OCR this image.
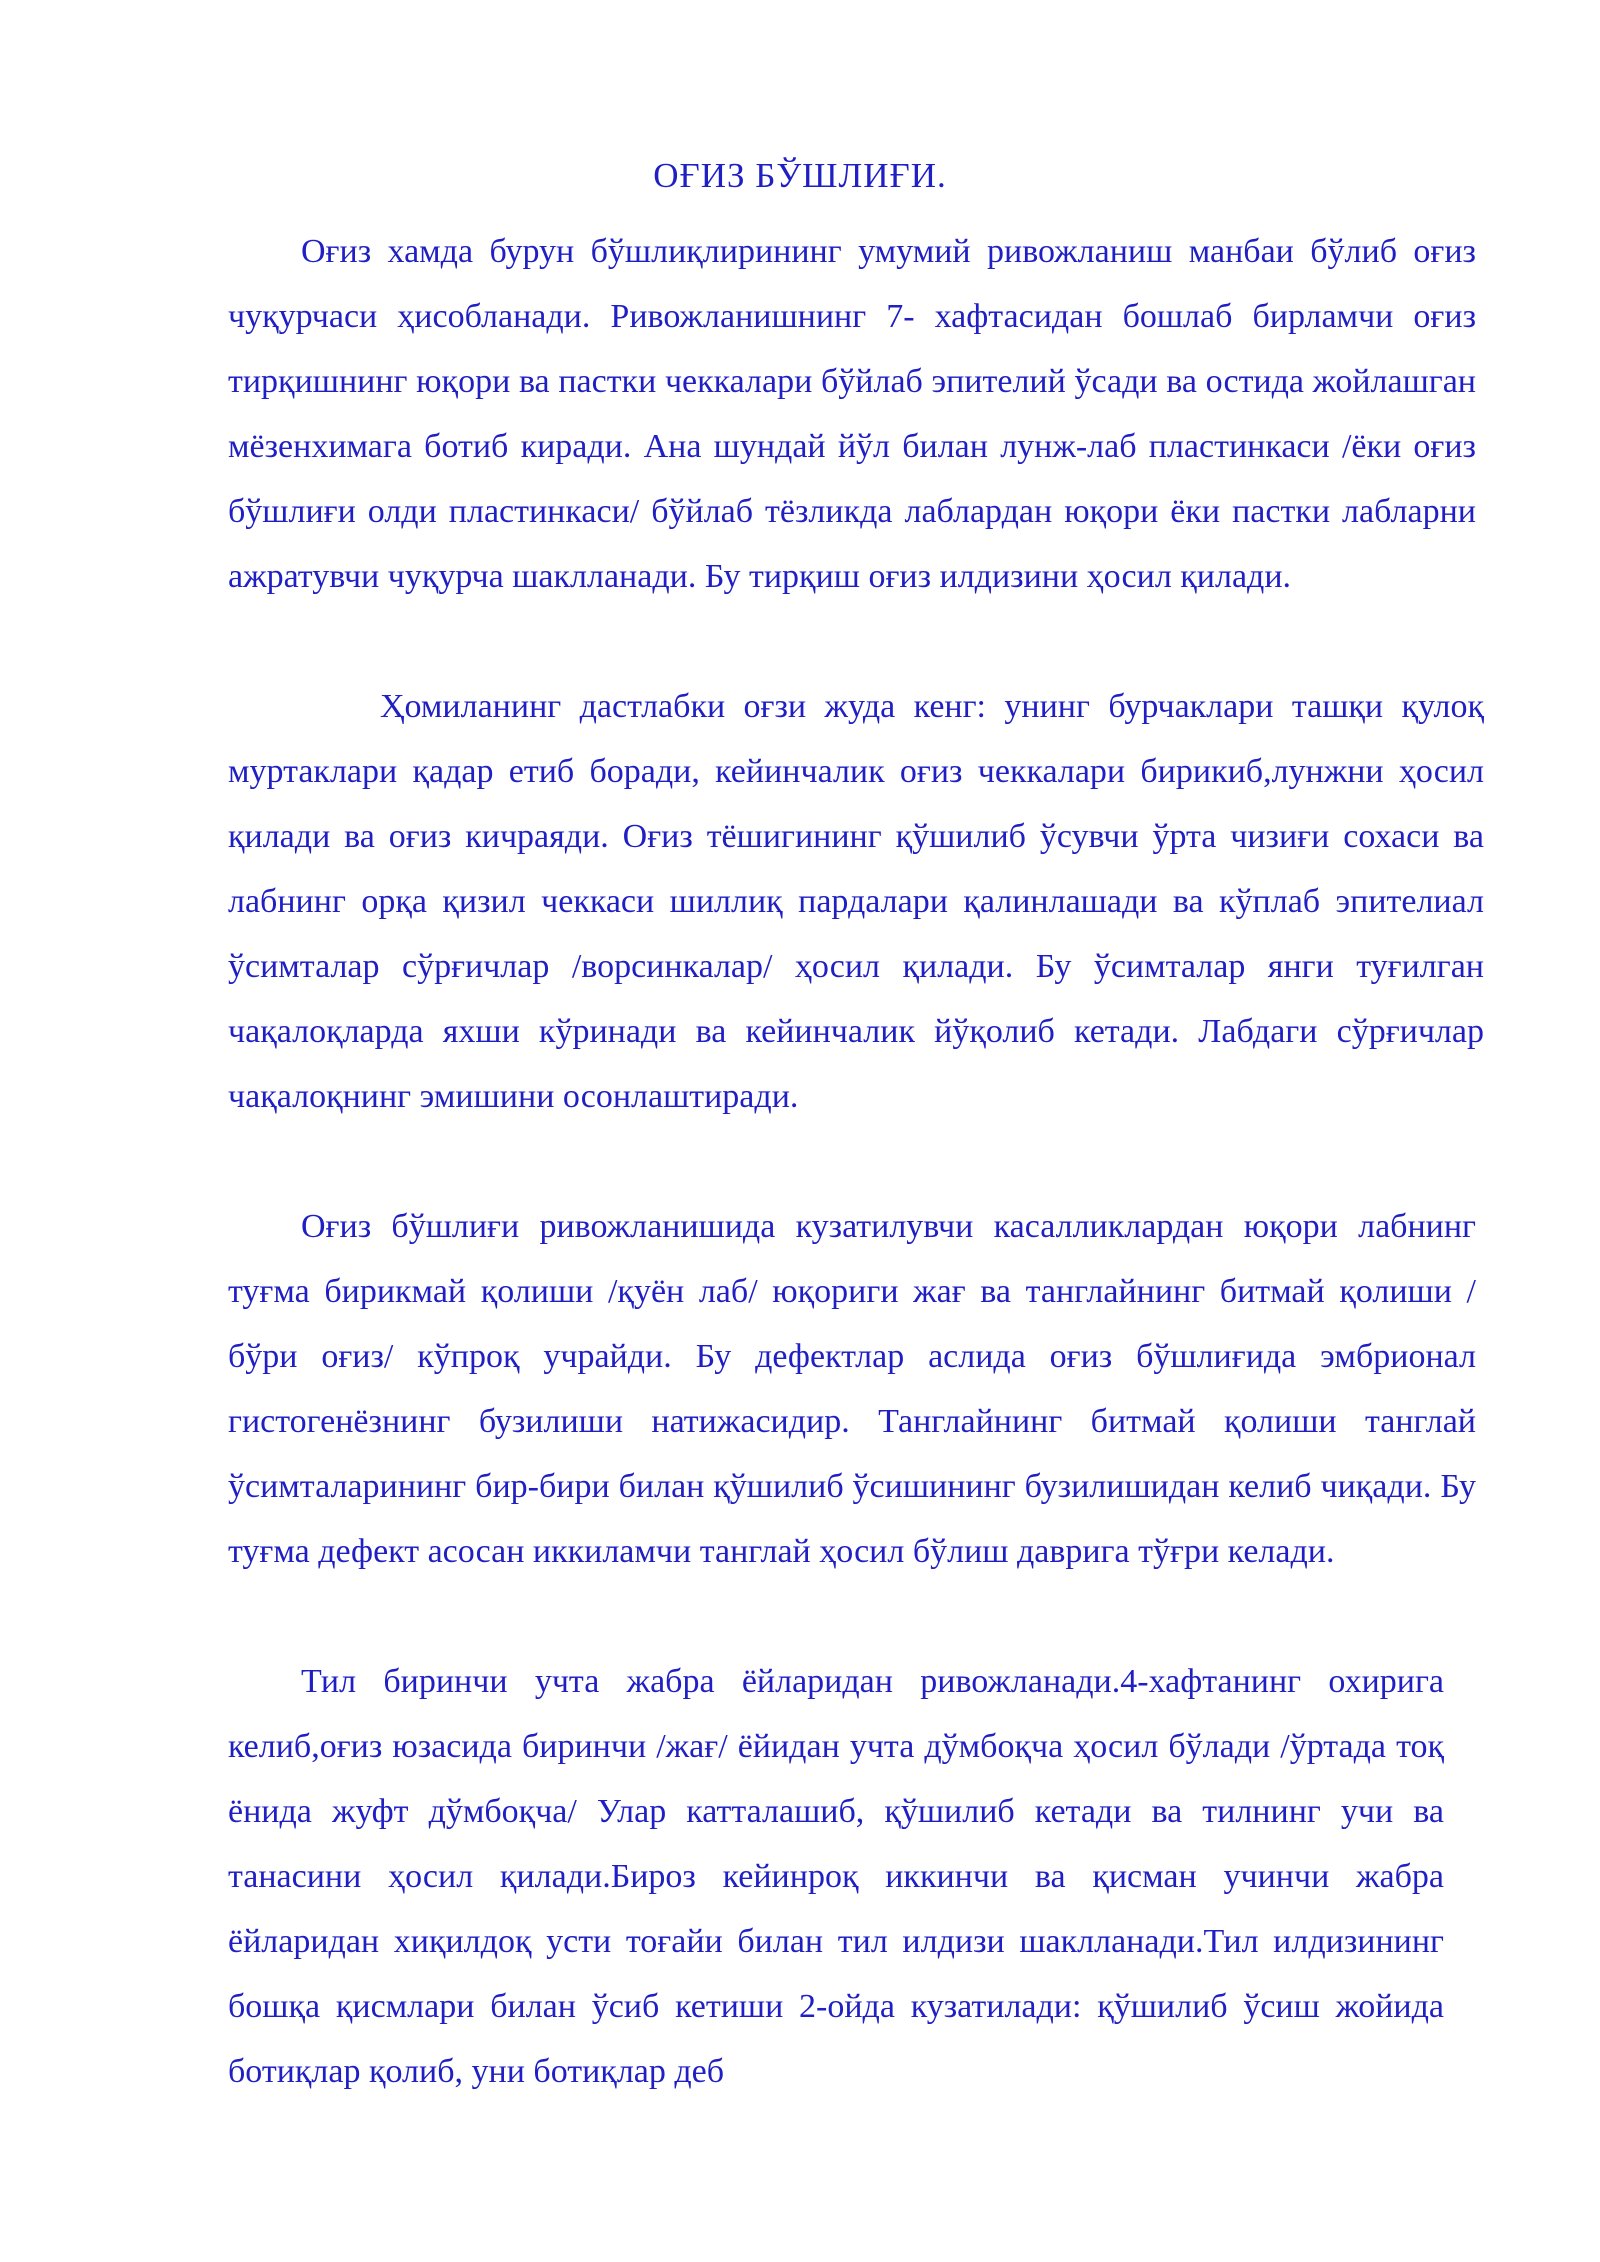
ОҒИЗ БЎШЛИҒИ.

Оғиз хамда бурун бўшлиқлирининг умумий ривожланиш манбаи бўлиб оғиз чуқурчаси ҳисобланади. Ривожланишнинг 7- хафтасидан бошлаб бирламчи оғиз тирқишнинг юқори ва пастки чеккалари бўйлаб эпителий ўсади ва остида жойлашган мёзенхимага ботиб киради. Ана шундай йўл билан лунж-лаб пластинкаси /ёки оғиз бўшлиғи олди пластинкаси/ бўйлаб тёзликда лаблардан юқори ёки пастки лабларни ажратувчи чуқурча шаклланади. Бу тирқиш оғиз илдизини ҳосил қилади.

Ҳомиланинг дастлабки оғзи жуда кенг: унинг бурчаклари ташқи қулоқ муртаклари қадар етиб боради, кейинчалик оғиз чеккалари бирикиб,лунжни ҳосил қилади ва оғиз кичраяди. Оғиз тёшигининг қўшилиб ўсувчи ўрта чизиғи сохаси ва лабнинг орқа қизил чеккаси шиллиқ пардалари қалинлашади ва кўплаб эпителиал ўсимталар сўрғичлар /ворсинкалар/ ҳосил қилади. Бу ўсимталар янги туғилган чақалоқларда яхши кўринади ва кейинчалик йўқолиб кетади. Лабдаги сўрғичлар чақалоқнинг эмишини осонлаштиради.

Оғиз бўшлиғи ривожланишида кузатилувчи касалликлардан юқори лабнинг туғма бирикмай қолиши /қуён лаб/ юқориги жағ ва танглайнинг битмай қолиши /бўри оғиз/ кўпроқ учрайди. Бу дефектлар аслида оғиз бўшлиғида эмбрионал гистогенёзнинг бузилиши натижасидир. Танглайнинг битмай қолиши танглай ўсимталарининг бир-бири билан қўшилиб ўсишининг бузилишидан келиб чиқади. Бу туғма дефект асосан иккиламчи танглай ҳосил бўлиш даврига тўғри келади.

Тил биринчи учта жабра ёйларидан ривожланади.4-хафтанинг охирига келиб,оғиз юзасида биринчи /жағ/ ёйидан учта дўмбоқча ҳосил бўлади /ўртада тоқ ёнида жуфт дўмбоқча/ Улар катталашиб, қўшилиб кетади ва тилнинг учи ва танасини ҳосил қилади.Бироз кейинроқ иккинчи ва қисман учинчи жабра ёйларидан хиқилдоқ усти тоғайи билан тил илдизи шаклланади.Тил илдизининг бошқа қисмлари билан ўсиб кетиши 2-ойда кузатилади: қўшилиб ўсиш жойида ботиқлар қолиб, уни ботиқлар деб
